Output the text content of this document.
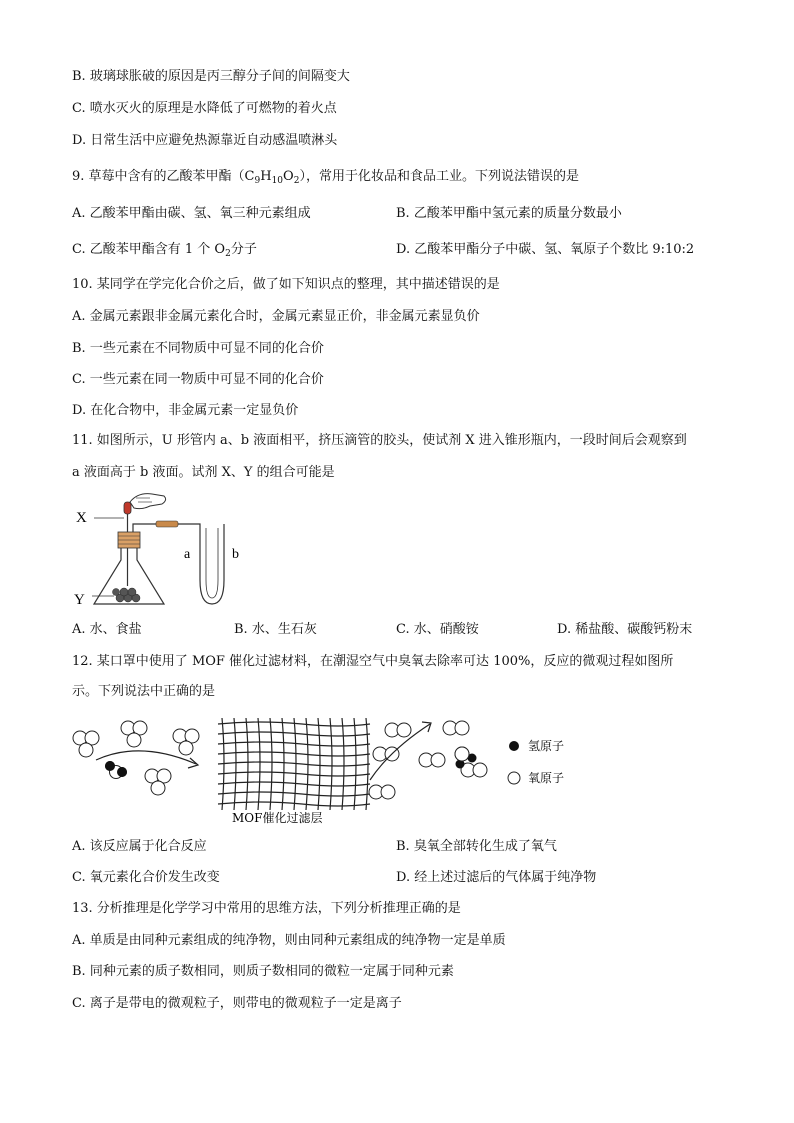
B. 玻璃球胀破的原因是丙三醇分子间的间隔变大
C. 喷水灭火的原理是水降低了可燃物的着火点
D. 日常生活中应避免热源靠近自动感温喷淋头
9. 草莓中含有的乙酸苯甲酯$(C_9H_{10}O_2)$，常用于化妆品和食品工业。下列说法错误的是
A. 乙酸苯甲酯由碳、氢、氧三种元素组成	B. 乙酸苯甲酯中氢元素的质量分数最小
C. 乙酸苯甲酯含有 1 个 $O_2$分子	D. 乙酸苯甲酯分子中碳、氢、氧原子个数比 9:10:2
10. 某同学在学完化合价之后，做了如下知识点的整理，其中描述错误的是
A. 金属元素跟非金属元素化合时，金属元素显正价，非金属元素显负价
B. 一些元素在不同物质中可显不同的化合价
C. 一些元素在同一物质中可显不同的化合价
D. 在化合物中，非金属元素一定显负价
11. 如图所示，U 形管内 a、b 液面相平，挤压滴管的胶头，使试剂 X 进入锥形瓶内，一段时间后会观察到
a 液面高于 b 液面。试剂 X、Y 的组合可能是
X
Y
a	b
A. 水、食盐	B. 水、生石灰	C. 水、硝酸铵	D. 稀盐酸、碳酸钙粉末
12. 某口罩中使用了 MOF 催化过滤材料，在潮湿空气中臭氧去除率可达 100%，反应的微观过程如图所
示。下列说法中正确的是
MOF催化过滤层
氢原子
氧原子
A. 该反应属于化合反应	B. 臭氧全部转化生成了氧气
C. 氧元素化合价发生改变	D. 经上述过滤后的气体属于纯净物
13. 分析推理是化学学习中常用的思维方法，下列分析推理正确的是
A. 单质是由同种元素组成的纯净物，则由同种元素组成的纯净物一定是单质
B. 同种元素的质子数相同，则质子数相同的微粒一定属于同种元素
C. 离子是带电的微观粒子，则带电的微观粒子一定是离子
